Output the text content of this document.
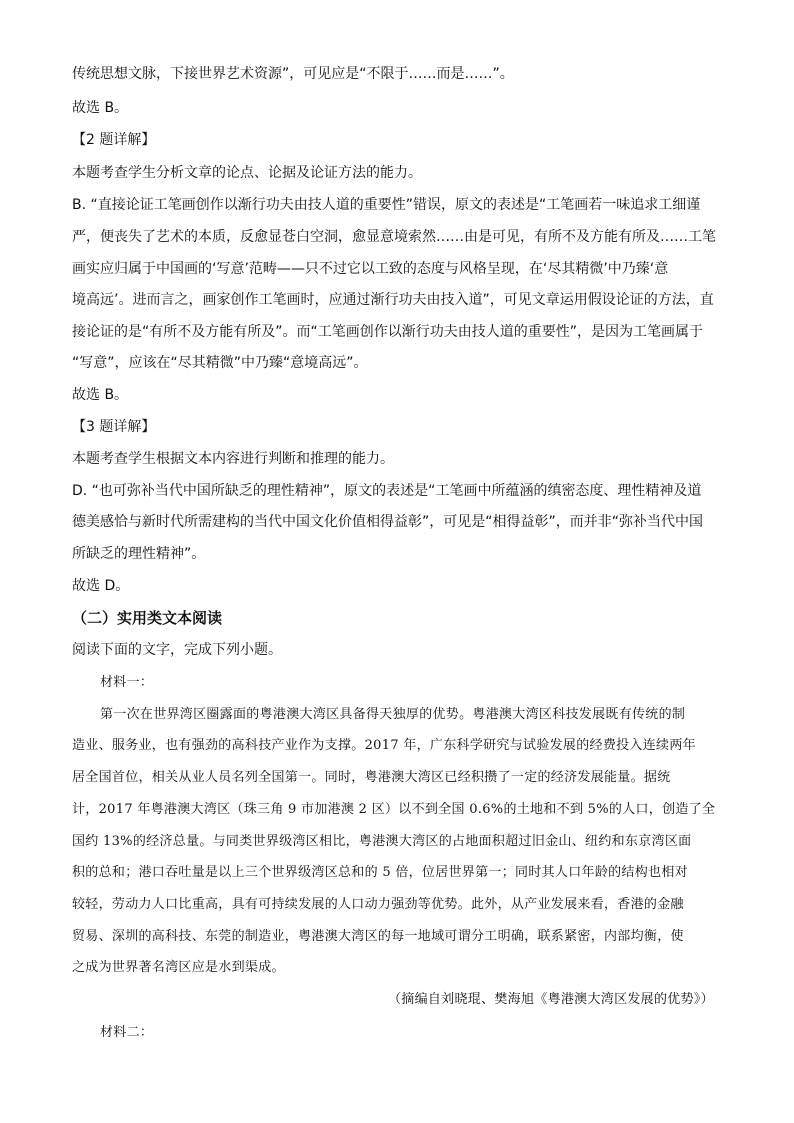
传统思想文脉，下接世界艺术资源”，可见应是“不限于……而是……”。
故选 B。
【2 题详解】
本题考查学生分析文章的论点、论据及论证方法的能力。
B. “直接论证工笔画创作以渐行功夫由技人道的重要性”错误，原文的表述是“工笔画若一味追求工细谨
严，便丧失了艺术的本质，反愈显苍白空洞，愈显意境索然……由是可见，有所不及方能有所及……工笔
画实应归属于中国画的‘写意’范畴——只不过它以工致的态度与风格呈现，在‘尽其精微’中乃臻‘意
境高远’。进而言之，画家创作工笔画时，应通过渐行功夫由技入道”，可见文章运用假设论证的方法，直
接论证的是“有所不及方能有所及”。而“工笔画创作以渐行功夫由技人道的重要性”，是因为工笔画属于
“写意”，应该在“尽其精微”中乃臻“意境高远”。
故选 B。
【3 题详解】
本题考查学生根据文本内容进行判断和推理的能力。
D. “也可弥补当代中国所缺乏的理性精神”，原文的表述是“工笔画中所蕴涵的缜密态度、理性精神及道
德美感恰与新时代所需建构的当代中国文化价值相得益彰”，可见是“相得益彰”，而并非“弥补当代中国
所缺乏的理性精神”。
故选 D。
（二）实用类文本阅读
阅读下面的文字，完成下列小题。
材料一：
第一次在世界湾区圈露面的粤港澳大湾区具备得天独厚的优势。粤港澳大湾区科技发展既有传统的制
造业、服务业，也有强劲的高科技产业作为支撑。2017 年，广东科学研究与试验发展的经费投入连续两年
居全国首位，相关从业人员名列全国第一。同时，粤港澳大湾区已经积攒了一定的经济发展能量。据统
计，2017 年粤港澳大湾区（珠三角 9 市加港澳 2 区）以不到全国 0.6%的土地和不到 5%的人口，创造了全
国约 13%的经济总量。与同类世界级湾区相比，粤港澳大湾区的占地面积超过旧金山、纽约和东京湾区面
积的总和；港口吞吐量是以上三个世界级湾区总和的 5 倍，位居世界第一；同时其人口年龄的结构也相对
较轻，劳动力人口比重高，具有可持续发展的人口动力强劲等优势。此外，从产业发展来看，香港的金融
贸易、深圳的高科技、东莞的制造业，粤港澳大湾区的每一地域可谓分工明确，联系紧密，内部均衡，使
之成为世界著名湾区应是水到渠成。
（摘编自刘晓琨、樊海旭《粤港澳大湾区发展的优势》）
材料二：
